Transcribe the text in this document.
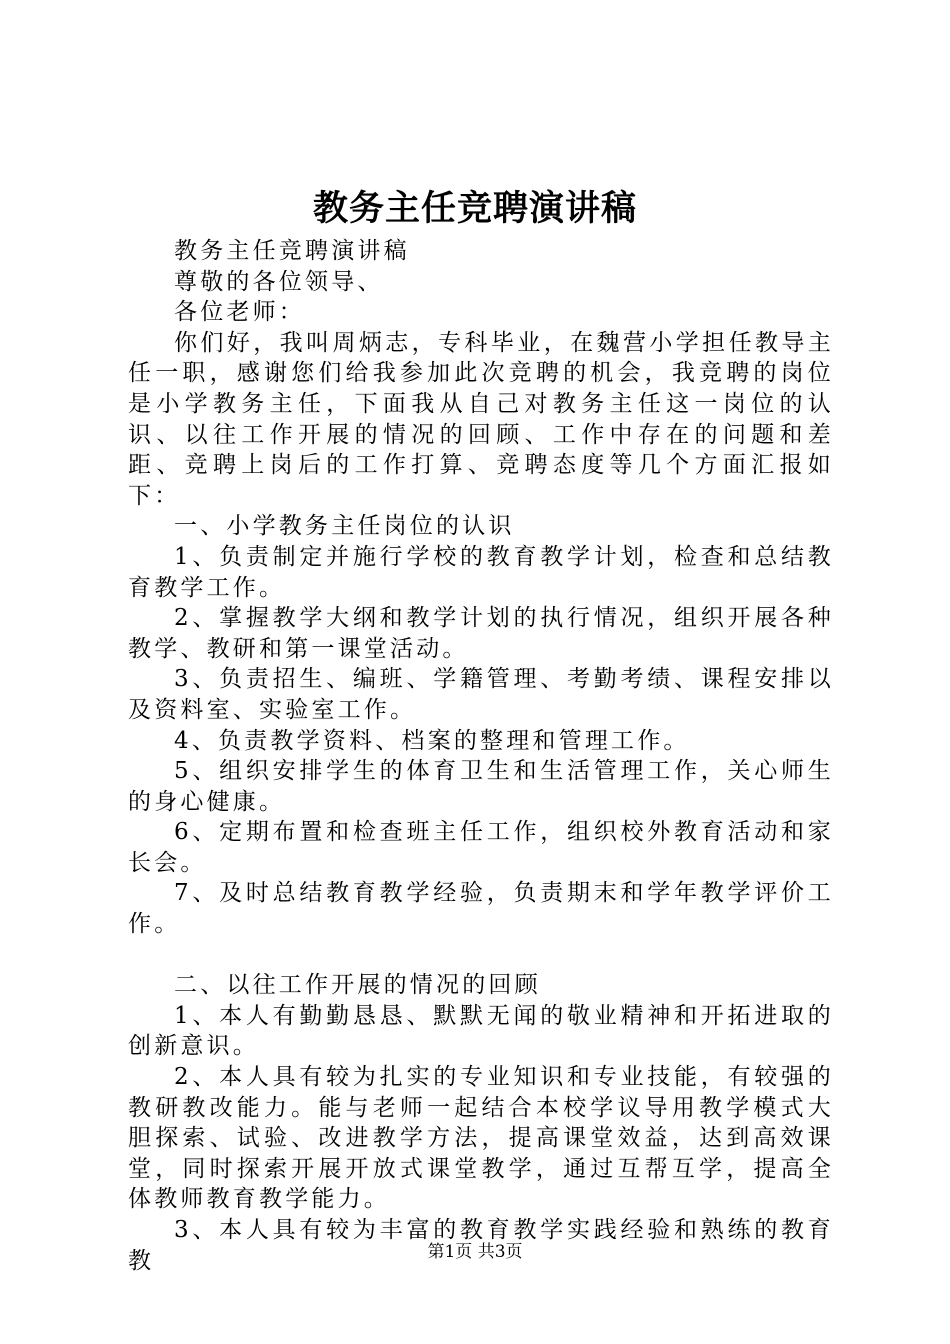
教务主任竞聘演讲稿

教务主任竞聘演讲稿

尊敬的各位领导、

各位老师：

你们好，我叫周炳志，专科毕业，在魏营小学担任教导主任一职，感谢您们给我参加此次竞聘的机会，我竞聘的岗位是小学教务主任，下面我从自己对教务主任这一岗位的认识、以往工作开展的情况的回顾、工作中存在的问题和差距、竞聘上岗后的工作打算、竞聘态度等几个方面汇报如下：

一、小学教务主任岗位的认识

1、负责制定并施行学校的教育教学计划，检查和总结教育教学工作。

2、掌握教学大纲和教学计划的执行情况，组织开展各种教学、教研和第一课堂活动。

3、负责招生、编班、学籍管理、考勤考绩、课程安排以及资料室、实验室工作。

4、负责教学资料、档案的整理和管理工作。

5、组织安排学生的体育卫生和生活管理工作，关心师生的身心健康。

6、定期布置和检查班主任工作，组织校外教育活动和家长会。

7、及时总结教育教学经验，负责期末和学年教学评价工作。

二、以往工作开展的情况的回顾

1、本人有勤勤恳恳、默默无闻的敬业精神和开拓进取的创新意识。

2、本人具有较为扎实的专业知识和专业技能，有较强的教研教改能力。能与老师一起结合本校学议导用教学模式大胆探索、试验、改进教学方法，提高课堂效益，达到高效课堂，同时探索开展开放式课堂教学，通过互帮互学，提高全体教师教育教学能力。

3、本人具有较为丰富的教育教学实践经验和熟练的教育教	第1页 共3页
